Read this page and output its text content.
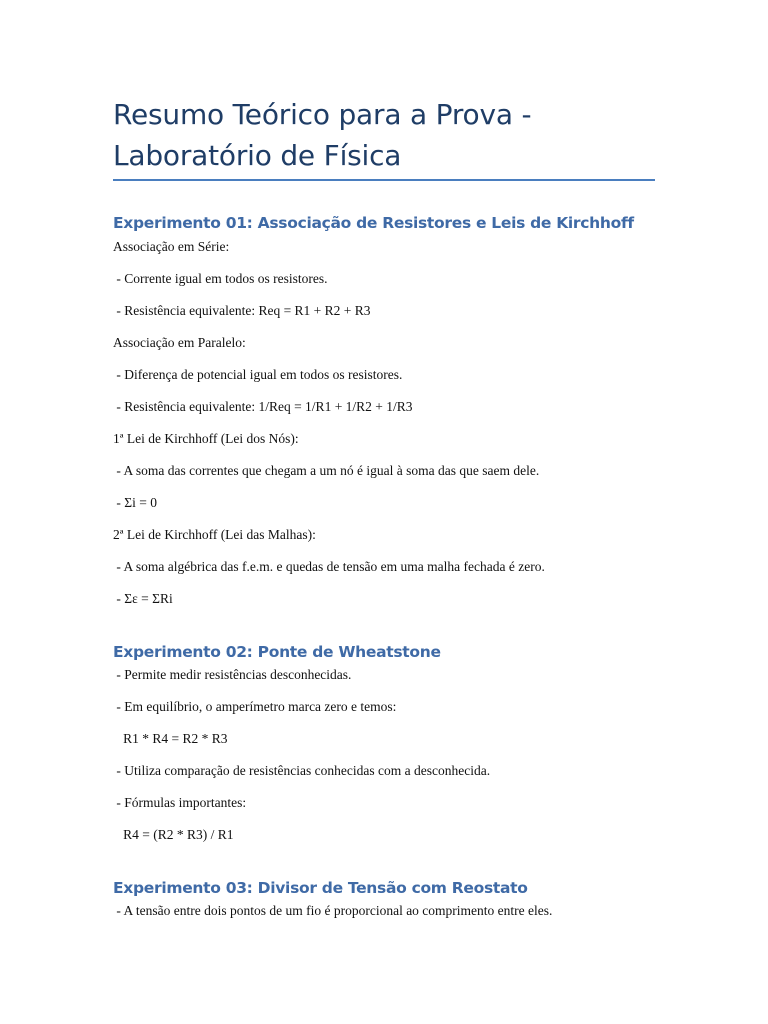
Resumo Teórico para a Prova -
Laboratório de Física
Experimento 01: Associação de Resistores e Leis de Kirchhoff
Associação em Série:
- Corrente igual em todos os resistores.
- Resistência equivalente: Req = R1 + R2 + R3
Associação em Paralelo:
- Diferença de potencial igual em todos os resistores.
- Resistência equivalente: 1/Req = 1/R1 + 1/R2 + 1/R3
1ª Lei de Kirchhoff (Lei dos Nós):
- A soma das correntes que chegam a um nó é igual à soma das que saem dele.
- Σi = 0
2ª Lei de Kirchhoff (Lei das Malhas):
- A soma algébrica das f.e.m. e quedas de tensão em uma malha fechada é zero.
- Σε = ΣRi
Experimento 02: Ponte de Wheatstone
- Permite medir resistências desconhecidas.
- Em equilíbrio, o amperímetro marca zero e temos:
R1 * R4 = R2 * R3
- Utiliza comparação de resistências conhecidas com a desconhecida.
- Fórmulas importantes:
R4 = (R2 * R3) / R1
Experimento 03: Divisor de Tensão com Reostato
- A tensão entre dois pontos de um fio é proporcional ao comprimento entre eles.
